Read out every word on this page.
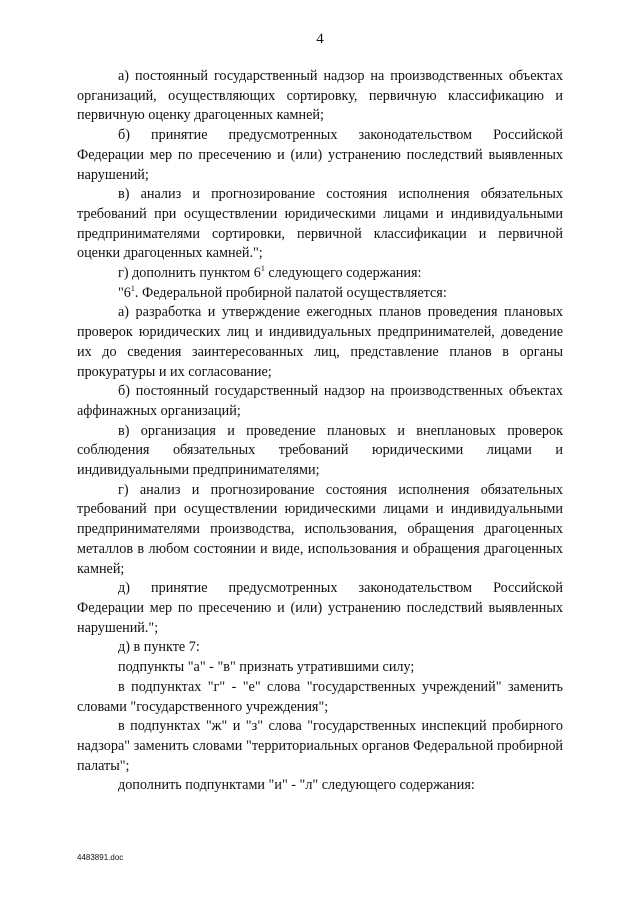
4

а) постоянный государственный надзор на производственных объектах организаций, осуществляющих сортировку, первичную классификацию и первичную оценку драгоценных камней;

б) принятие предусмотренных законодательством Российской Федерации мер по пресечению и (или) устранению последствий выявленных нарушений;

в) анализ и прогнозирование состояния исполнения обязательных требований при осуществлении юридическими лицами и индивидуальными предпринимателями сортировки, первичной классификации и первичной оценки драгоценных камней.";

г) дополнить пунктом $6^1$ следующего содержания:

"$6^1$. Федеральной пробирной палатой осуществляется:

а) разработка и утверждение ежегодных планов проведения плановых проверок юридических лиц и индивидуальных предпринимателей, доведение их до сведения заинтересованных лиц, представление планов в органы прокуратуры и их согласование;

б) постоянный государственный надзор на производственных объектах аффинажных организаций;

в) организация и проведение плановых и внеплановых проверок соблюдения обязательных требований юридическими лицами и индивидуальными предпринимателями;

г) анализ и прогнозирование состояния исполнения обязательных требований при осуществлении юридическими лицами и индивидуальными предпринимателями производства, использования, обращения драгоценных металлов в любом состоянии и виде, использования и обращения драгоценных камней;

д) принятие предусмотренных законодательством Российской Федерации мер по пресечению и (или) устранению последствий выявленных нарушений.";

д) в пункте 7:

подпункты "а" - "в" признать утратившими силу;

в подпунктах "г" - "е" слова "государственных учреждений" заменить словами "государственного учреждения";

в подпунктах "ж" и "з" слова "государственных инспекций пробирного надзора" заменить словами "территориальных органов Федеральной пробирной палаты";

дополнить подпунктами "и" - "л" следующего содержания:

4483891.doc
